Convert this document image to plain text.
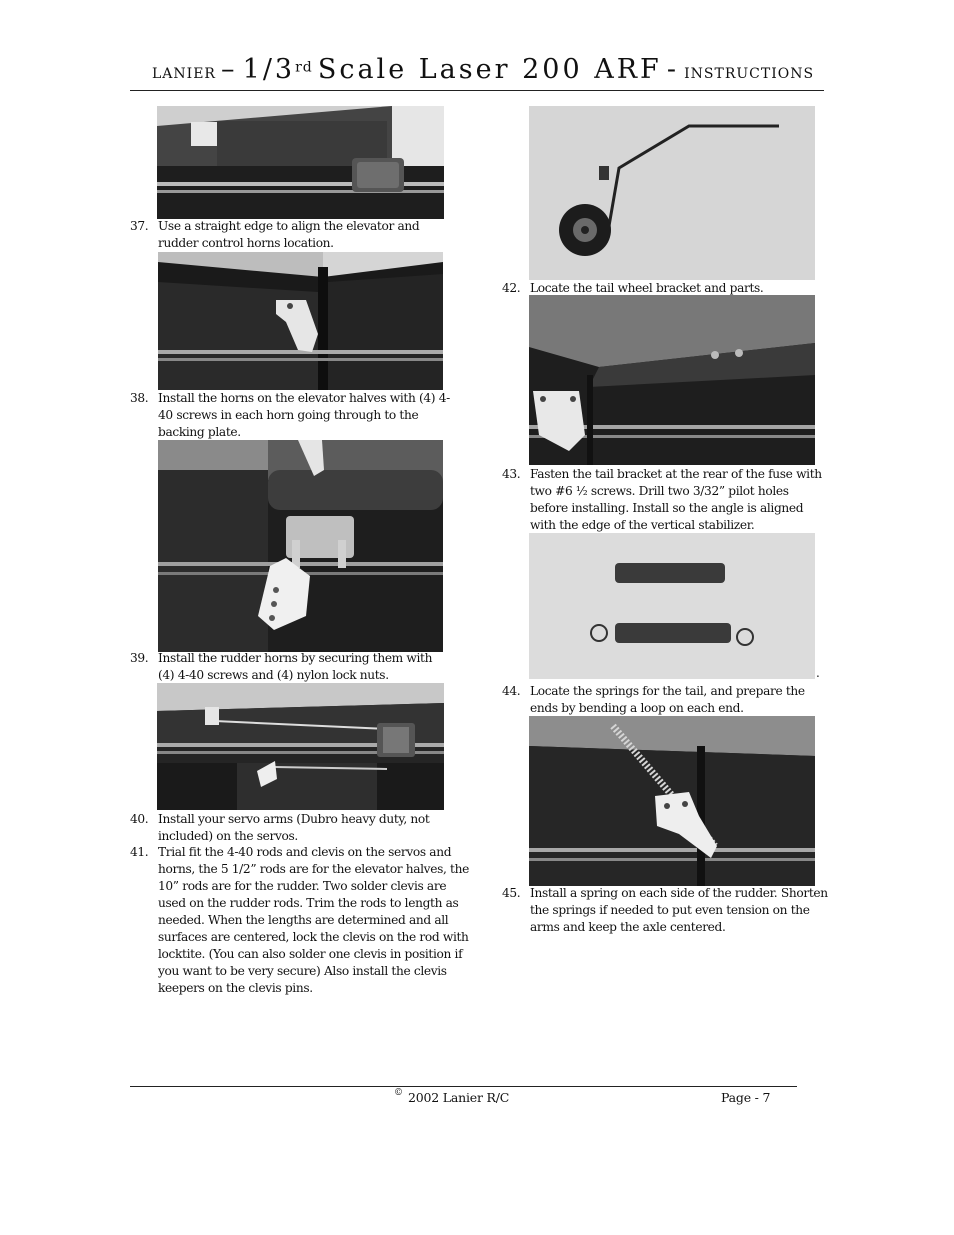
LANIER – 1/3rd Scale Laser 200 ARF - INSTRUCTIONS
37. Use a straight edge to align the elevator and rudder control horns location.
38. Install the horns on the elevator halves with (4) 4-40 screws in each horn going through to the backing plate.
39. Install the rudder horns by securing them with (4) 4-40 screws and (4) nylon lock nuts.
40. Install your servo arms (Dubro heavy duty, not included) on the servos.
41. Trial fit the 4-40 rods and clevis on the servos and horns, the 5 1/2” rods are for the elevator halves, the 10” rods are for the rudder. Two solder clevis are used on the rudder rods. Trim the rods to length as needed. When the lengths are determined and all surfaces are centered, lock the clevis on the rod with locktite. (You can also solder one clevis in position if you want to be very secure) Also install the clevis keepers on the clevis pins.
42. Locate the tail wheel bracket and parts.
43. Fasten the tail bracket at the rear of the fuse with two #6 ½ screws. Drill two 3/32” pilot holes before installing. Install so the angle is aligned with the edge of the vertical stabilizer.
.
44. Locate the springs for the tail, and prepare the ends by bending a loop on each end.
45. Install a spring on each side of the rudder. Shorten the springs if needed to put even tension on the arms and keep the axle centered.
© 2002 Lanier R/C	Page - 7
